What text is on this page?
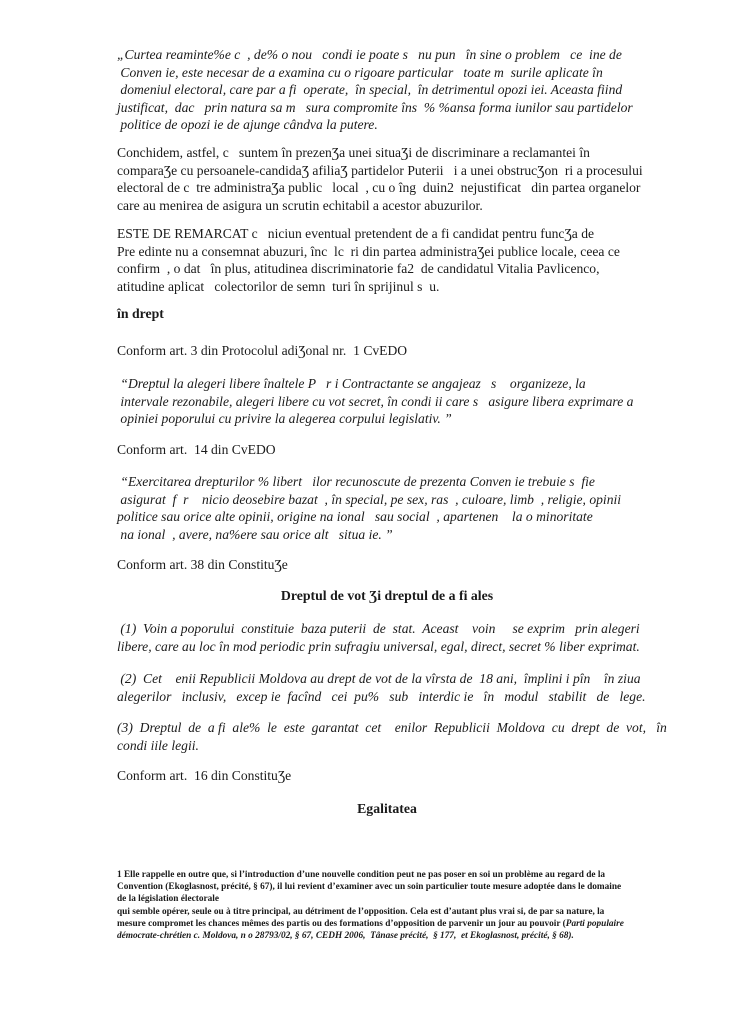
„Curtea reaminte%e c  , de% o nou   condi ie poate s   nu pun   în sine o problem   ce  ine de
Conven ie, este necesar de a examina cu o rigoare particular   toate m  surile aplicate în
domeniul electoral, care par a fi  operate,  în special,  în detrimentul opozi iei. Aceasta fiind
justificat,  dac   prin natura sa m   sura compromite îns  % %ansa forma iunilor sau partidelor
politice de opozi ie de ajunge cândva la putere.
Conchidem, astfel, c   suntem în prezenƷa unei situaƷi de discriminare a reclamantei în
comparaƷe cu persoanele-candidaƷ afiliaƷ partidelor Puterii   i a unei obstrucƷon  ri a procesului
electoral de c  tre administraƷa public   local  , cu o îng  duin2  nejustificat   din partea organelor
care au menirea de asigura un scrutin echitabil a acestor abuzurilor.
ESTE DE REMARCAT c   niciun eventual pretendent de a fi candidat pentru funcƷa de
Pre edinte nu a consemnat abuzuri, înc  lc  ri din partea administraƷei publice locale, ceea ce
confirm  , o dat   în plus, atitudinea discriminatorie fa2  de candidatul Vitalia Pavlicenco,
atitudine aplicat   colectorilor de semn  turi în sprijinul s  u.
în drept
Conform art. 3 din Protocolul adiƷonal nr.  1 CvEDO
“Dreptul la alegeri libere înaltele P   r i Contractante se angajeaz   s    organizeze, la
intervale rezonabile, alegeri libere cu vot secret, în condi ii care s   asigure libera exprimare a
opiniei poporului cu privire la alegerea corpului legislativ. ”
Conform art.  14 din CvEDO
“Exercitarea drepturilor % libert   ilor recunoscute de prezenta Conven ie trebuie s  fie
asigurat  f  r    nicio deosebire bazat  , în special, pe sex, ras  , culoare, limb  , religie, opinii
politice sau orice alte opinii, origine na ional   sau social  , apartenen    la o minoritate
na ional  , avere, na%ere sau orice alt   situa ie. ”
Conform art. 38 din ConstituƷe
Dreptul de vot Ʒi dreptul de a fi ales
(1)  Voin a poporului  constituie  baza puterii  de  stat.  Aceast    voin     se exprim   prin alegeri
libere, care au loc în mod periodic prin sufragiu universal, egal, direct, secret % liber exprimat.
(2)  Cet    enii Republicii Moldova au drept de vot de la vîrsta de  18 ani,  împlini i pîn    în ziua
alegerilor   inclusiv,   excep ie  facînd   cei  pu%   sub   interdic ie   în   modul   stabilit   de   lege.
(3)  Dreptul  de  a fi  ale%  le  este  garantat  cet    enilor  Republicii  Moldova  cu  drept  de  vot,   în
condi iile legii.
Conform art.  16 din ConstituƷe
Egalitatea
1 Elle rappelle en outre que, si l’introduction d’une nouvelle condition peut ne pas poser en soi un problème au regard de la
Convention (Ekoglasnost, précité, § 67), il lui revient d’examiner avec un soin particulier toute mesure adoptée dans le domaine
de la législation électorale
qui semble opérer, seule ou à titre principal, au détriment de l’opposition. Cela est d’autant plus vrai si, de par sa nature, la
mesure compromet les chances mêmes des partis ou des formations d’opposition de parvenir un jour au pouvoir (Parti populaire
démocrate-chrétien c. Moldova, n o 28793/02, § 67, CEDH 2006,  Tânase précité,  § 177,  et Ekoglasnost, précité, § 68).
